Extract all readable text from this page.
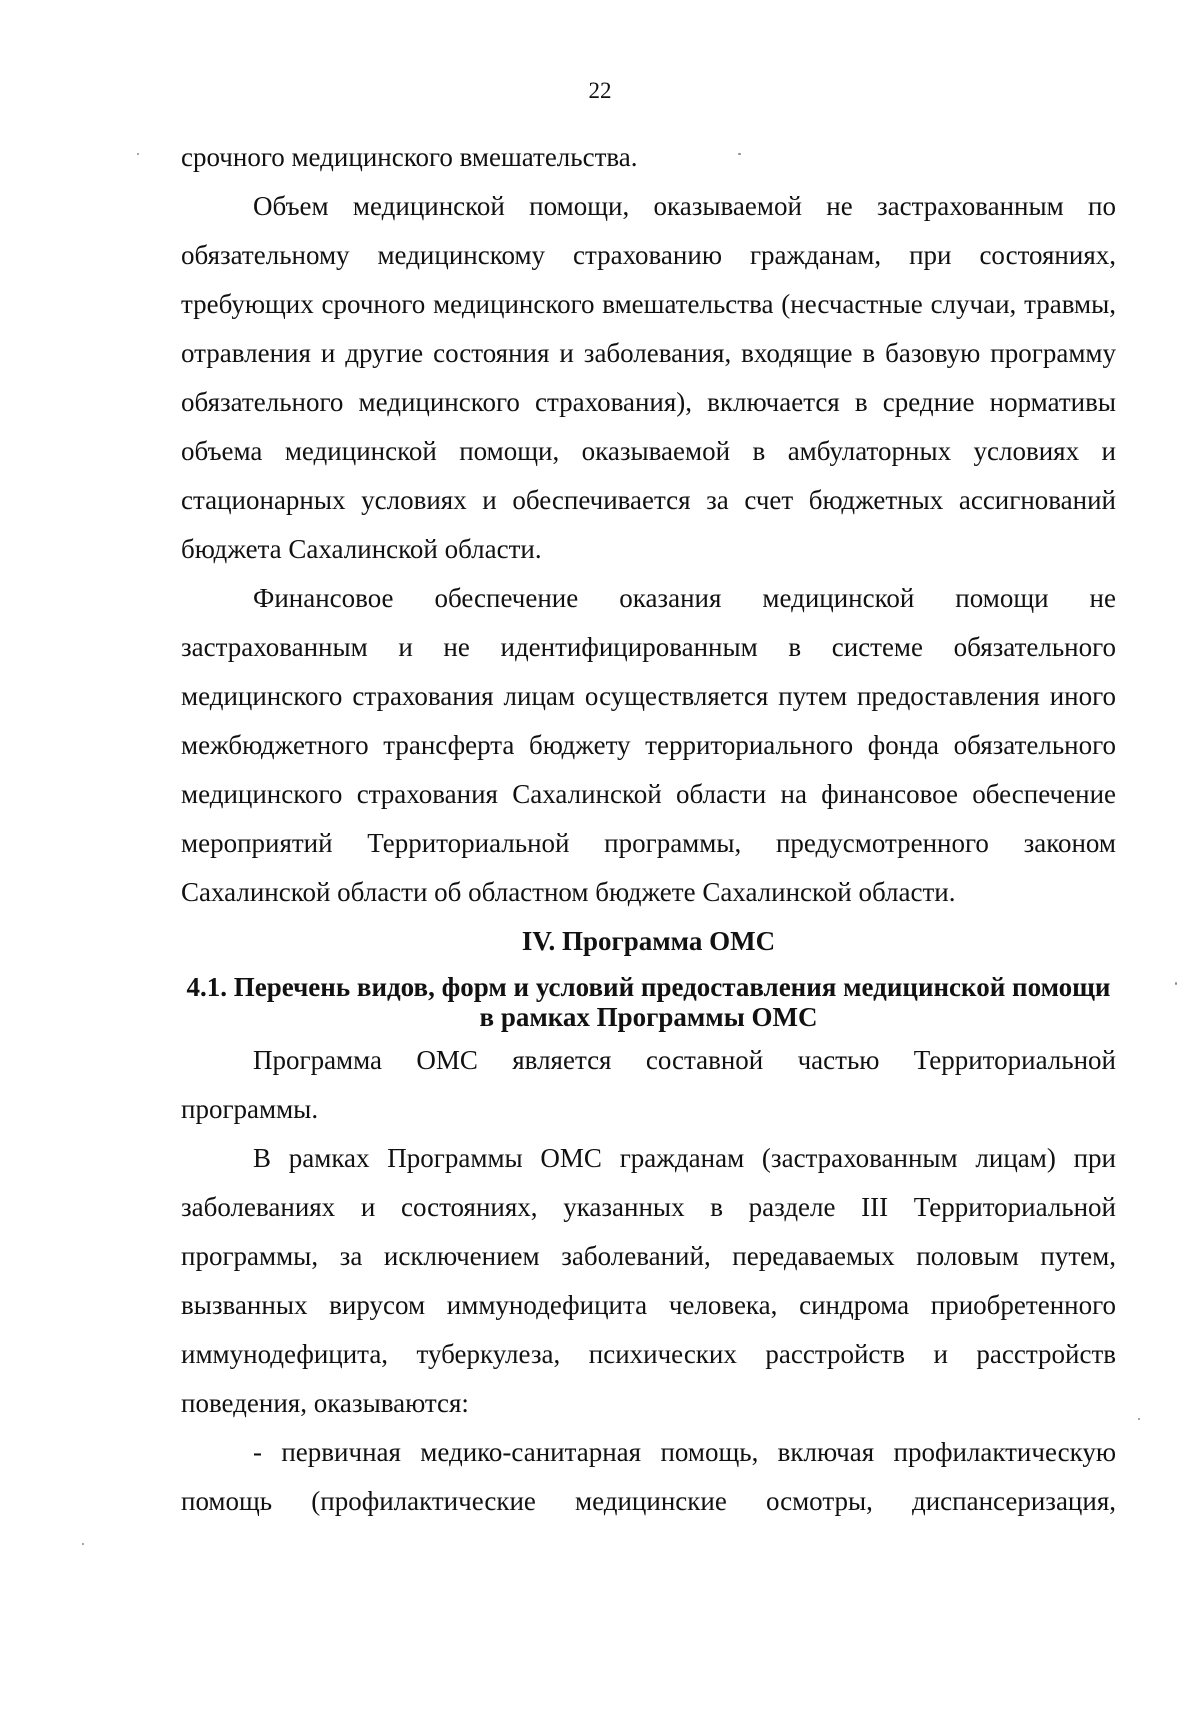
22

срочного медицинского вмешательства.

Объем медицинской помощи, оказываемой не застрахованным по обязательному медицинскому страхованию гражданам, при состояниях, требующих срочного медицинского вмешательства (несчастные случаи, травмы, отравления и другие состояния и заболевания, входящие в базовую программу обязательного медицинского страхования), включается в средние нормативы объема медицинской помощи, оказываемой в амбулаторных условиях и стационарных условиях и обеспечивается за счет бюджетных ассигнований бюджета Сахалинской области.

Финансовое обеспечение оказания медицинской помощи не застрахованным и не идентифицированным в системе обязательного медицинского страхования лицам осуществляется путем предоставления иного межбюджетного трансферта бюджету территориального фонда обязательного медицинского страхования Сахалинской области на финансовое обеспечение мероприятий Территориальной программы, предусмотренного законом Сахалинской области об областном бюджете Сахалинской области.

IV. Программа ОМС
4.1. Перечень видов, форм и условий предоставления медицинской помощи в рамках Программы ОМС

Программа ОМС является составной частью Территориальной программы.

В рамках Программы ОМС гражданам (застрахованным лицам) при заболеваниях и состояниях, указанных в разделе III Территориальной программы, за исключением заболеваний, передаваемых половым путем, вызванных вирусом иммунодефицита человека, синдрома приобретенного иммунодефицита, туберкулеза, психических расстройств и расстройств поведения, оказываются:

- первичная медико-санитарная помощь, включая профилактическую помощь (профилактические медицинские осмотры, диспансеризация,
